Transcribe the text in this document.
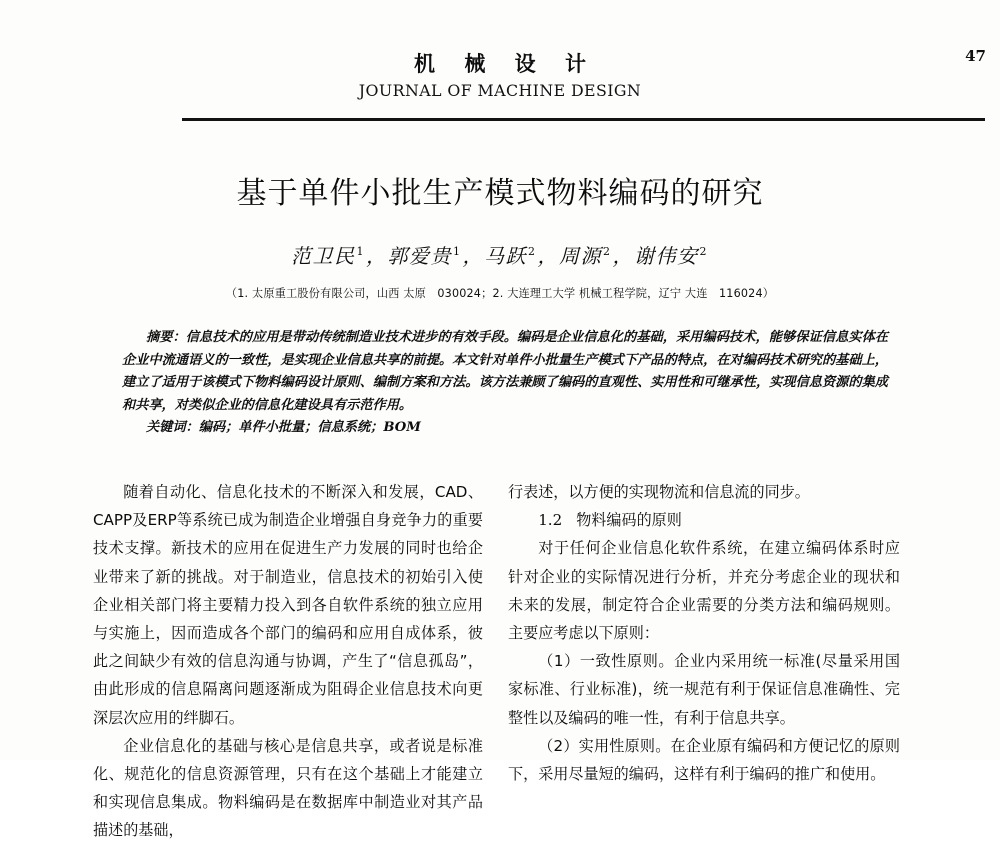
机 械 设 计
JOURNAL OF MACHINE DESIGN
47
基于单件小批生产模式物料编码的研究
范卫民$^1$，郭爱贵$^1$，马跃$^2$，周源$^2$，谢伟安$^2$
（1. 太原重工股份有限公司，山西 太原　030024；2. 大连理工大学 机械工程学院，辽宁 大连　116024）

摘要：信息技术的应用是带动传统制造业技术进步的有效手段。编码是企业信息化的基础，采用编码技术，能够保证信息实体在企业中流通语义的一致性，是实现企业信息共享的前提。本文针对单件小批量生产模式下产品的特点，在对编码技术研究的基础上，建立了适用于该模式下物料编码设计原则、编制方案和方法。该方法兼顾了编码的直观性、实用性和可继承性，实现信息资源的集成和共享，对类似企业的信息化建设具有示范作用。

关键词：编码；单件小批量；信息系统；BOM

随着自动化、信息化技术的不断深入和发展，CAD、CAPP及ERP等系统已成为制造企业增强自身竞争力的重要技术支撑。新技术的应用在促进生产力发展的同时也给企业带来了新的挑战。对于制造业，信息技术的初始引入使企业相关部门将主要精力投入到各自软件系统的独立应用与实施上，因而造成各个部门的编码和应用自成体系，彼此之间缺少有效的信息沟通与协调，产生了“信息孤岛”，由此形成的信息隔离问题逐渐成为阻碍企业信息技术向更深层次应用的绊脚石。

企业信息化的基础与核心是信息共享，或者说是标准化、规范化的信息资源管理，只有在这个基础上才能建立和实现信息集成。物料编码是在数据库中制造业对其产品描述的基础，

行表述，以方便的实现物流和信息流的同步。

1.2 物料编码的原则

对于任何企业信息化软件系统，在建立编码体系时应针对企业的实际情况进行分析，并充分考虑企业的现状和未来的发展，制定符合企业需要的分类方法和编码规则。主要应考虑以下原则：

（1）一致性原则。企业内采用统一标准(尽量采用国家标准、行业标准)，统一规范有利于保证信息准确性、完整性以及编码的唯一性，有利于信息共享。

（2）实用性原则。在企业原有编码和方便记忆的原则下，采用尽量短的编码，这样有利于编码的推广和使用。
